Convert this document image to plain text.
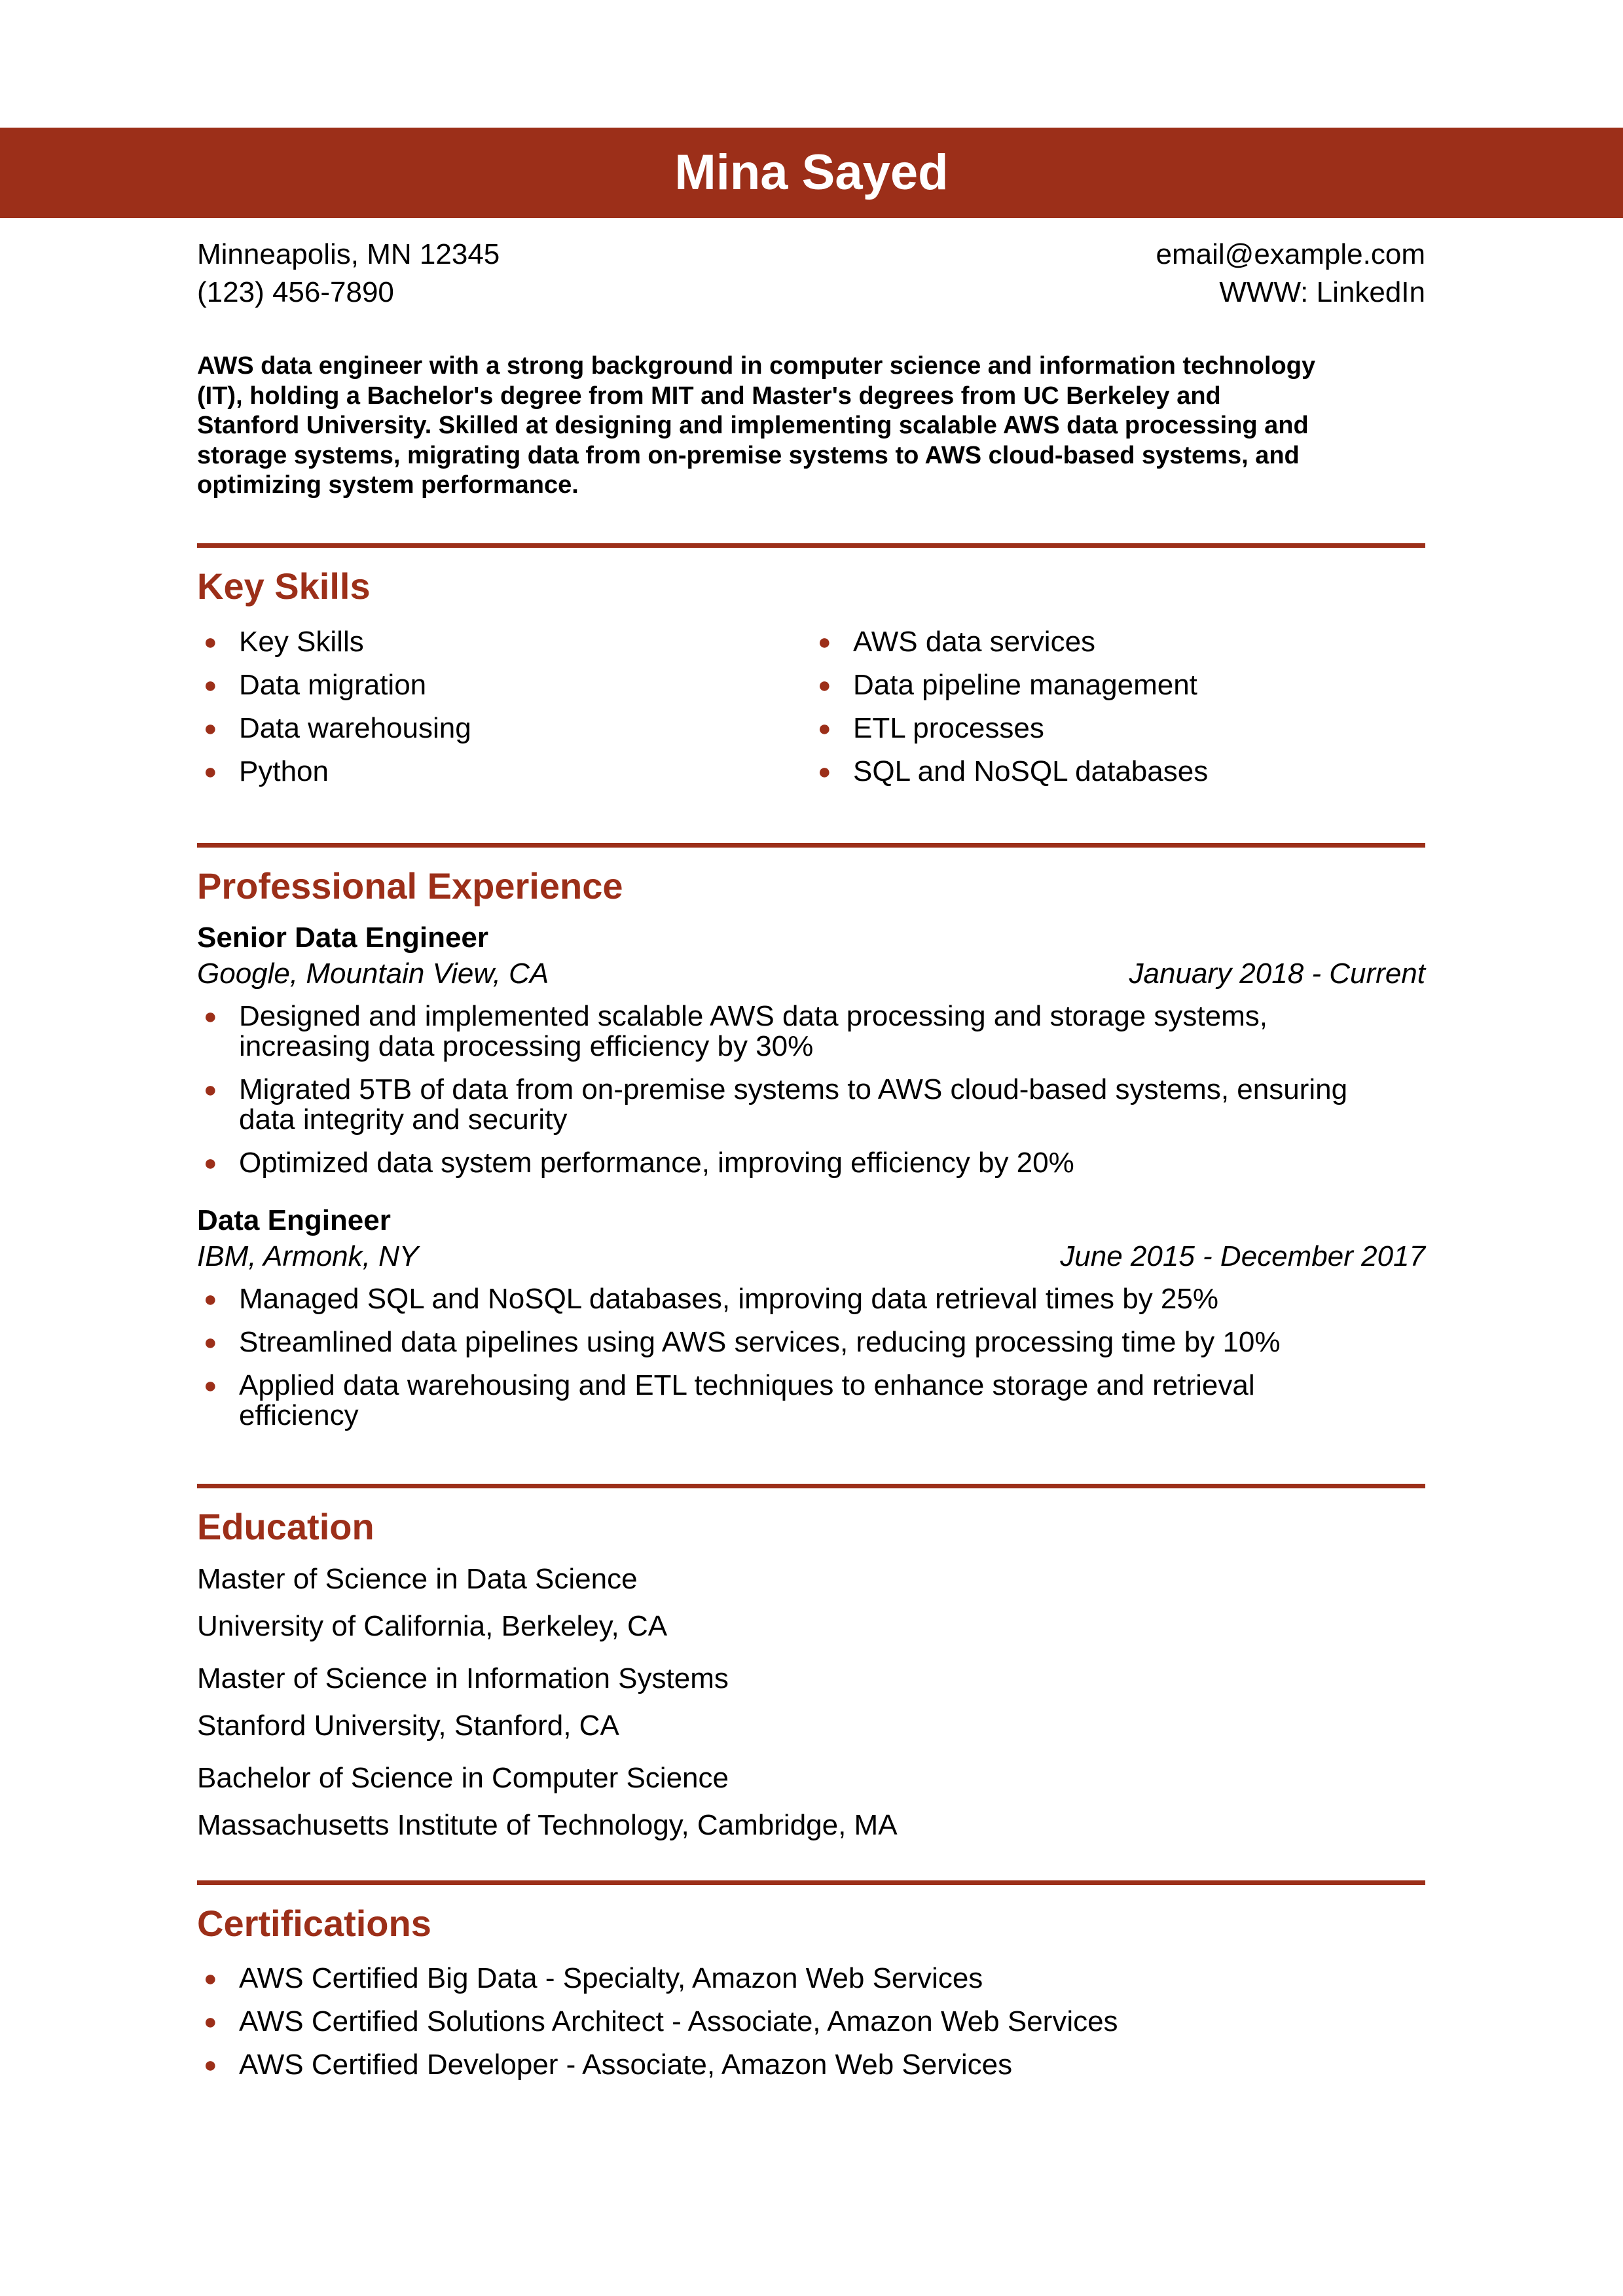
Mina Sayed
Minneapolis, MN 12345	email@example.com
(123) 456-7890	WWW: LinkedIn
AWS data engineer with a strong background in computer science and information technology
(IT), holding a Bachelor's degree from MIT and Master's degrees from UC Berkeley and
Stanford University. Skilled at designing and implementing scalable AWS data processing and
storage systems, migrating data from on-premise systems to AWS cloud-based systems, and
optimizing system performance.
Key Skills
● Key Skills
● Data migration
● Data warehousing
● Python
● AWS data services
● Data pipeline management
● ETL processes
● SQL and NoSQL databases
Professional Experience
Senior Data Engineer
Google, Mountain View, CA	January 2018 - Current
● Designed and implemented scalable AWS data processing and storage systems,
increasing data processing efficiency by 30%
● Migrated 5TB of data from on-premise systems to AWS cloud-based systems, ensuring
data integrity and security
● Optimized data system performance, improving efficiency by 20%
Data Engineer
IBM, Armonk, NY	June 2015 - December 2017
● Managed SQL and NoSQL databases, improving data retrieval times by 25%
● Streamlined data pipelines using AWS services, reducing processing time by 10%
● Applied data warehousing and ETL techniques to enhance storage and retrieval
efficiency
Education
Master of Science in Data Science
University of California, Berkeley, CA
Master of Science in Information Systems
Stanford University, Stanford, CA
Bachelor of Science in Computer Science
Massachusetts Institute of Technology, Cambridge, MA
Certifications
● AWS Certified Big Data - Specialty, Amazon Web Services
● AWS Certified Solutions Architect - Associate, Amazon Web Services
● AWS Certified Developer - Associate, Amazon Web Services
